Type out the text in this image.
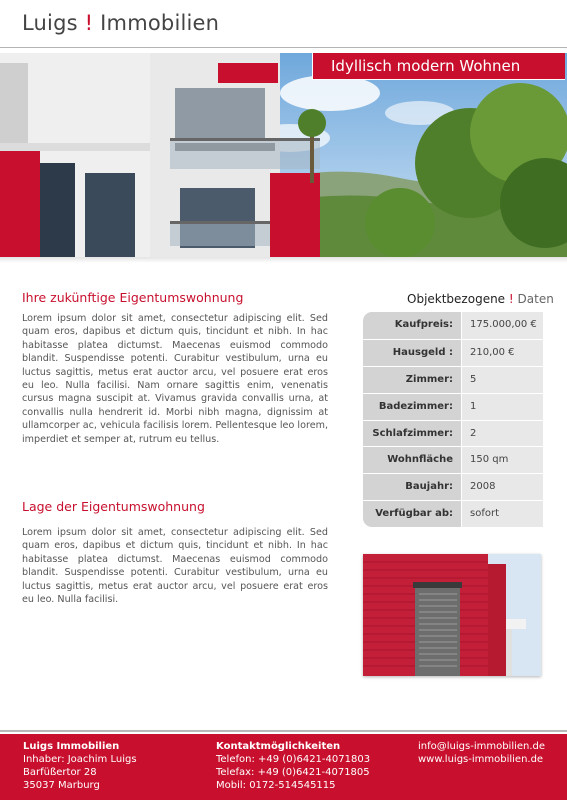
Luigs ! Immobilien
Idyllisch modern Wohnen
Ihre zukünftige Eigentumswohnung
Lorem ipsum dolor sit amet, consectetur adipiscing elit. Sed quam eros, dapibus et dictum quis, tincidunt et nibh. In hac habitasse platea dictumst. Maecenas euismod commodo blandit. Suspendisse potenti. Curabitur vestibulum, urna eu luctus sagittis, metus erat auctor arcu, vel posuere erat eros eu leo. Nulla facilisi. Nam ornare sagittis enim, venenatis cursus magna suscipit at. Vivamus gravida convallis urna, at convallis nulla hendrerit id. Morbi nibh magna, dignissim at ullamcorper ac, vehicula facilisis lorem. Pellentesque leo lorem, imperdiet et semper at, rutrum eu tellus.
Lage der Eigentumswohnung
Lorem ipsum dolor sit amet, consectetur adipiscing elit. Sed quam eros, dapibus et dictum quis, tincidunt et nibh. In hac habitasse platea dictumst. Maecenas euismod commodo blandit. Suspendisse potenti. Curabitur vestibulum, urna eu luctus sagittis, metus erat auctor arcu, vel posuere erat eros eu leo. Nulla facilisi.
Objektbezogene ! Daten
Kaufpreis:	175.000,00 €
Hausgeld :	210,00 €
Zimmer:	5
Badezimmer:	1
Schlafzimmer:	2
Wohnfläche	150 qm
Baujahr:	2008
Verfügbar ab:	sofort
Luigs Immobilien
Inhaber: Joachim Luigs
Barfüßertor 28
35037 Marburg
Kontaktmöglichkeiten
Telefon: +49 (0)6421-4071803
Telefax: +49 (0)6421-4071805
Mobil: 0172-514545115
info@luigs-immobilien.de
www.luigs-immobilien.de
